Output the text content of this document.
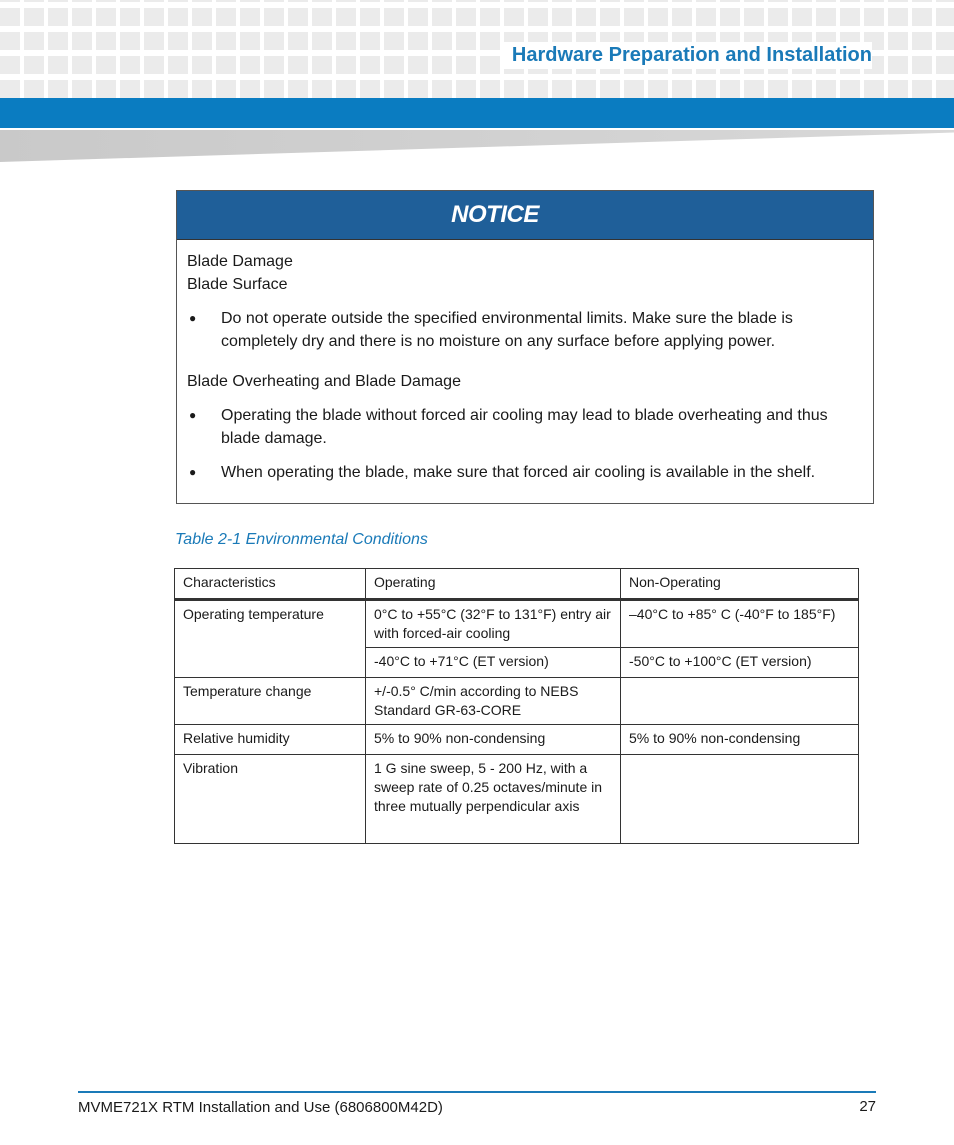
Hardware Preparation and Installation
NOTICE

Blade Damage

Blade Surface

●	Do not operate outside the specified environmental limits. Make sure the blade is completely dry and there is no moisture on any surface before applying power.

Blade Overheating and Blade Damage

●	Operating the blade without forced air cooling may lead to blade overheating and thus blade damage.
●	When operating the blade, make sure that forced air cooling is available in the shelf.
Table 2-1 Environmental Conditions
Characteristics	Operating	Non-Operating
Operating temperature	0°C to +55°C (32°F to 131°F) entry air with forced-air cooling	–40°C to +85° C (-40°F to 185°F)
	-40°C to +71°C (ET version)	-50°C to +100°C (ET version)
Temperature change	+/-0.5° C/min according to NEBS Standard GR-63-CORE	
Relative humidity	5% to 90% non-condensing	5% to 90% non-condensing
Vibration	1 G sine sweep, 5 - 200 Hz, with a sweep rate of 0.25 octaves/minute in three mutually perpendicular axis	
MVME721X RTM Installation and Use (6806800M42D)	27
